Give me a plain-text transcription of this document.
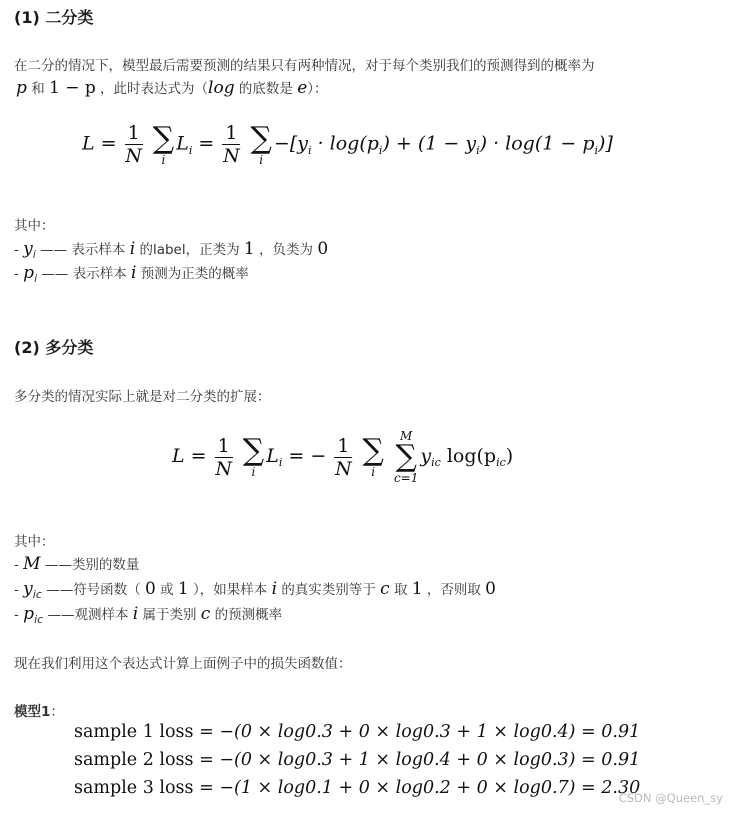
(1) 二分类
在二分的情况下，模型最后需要预测的结果只有两种情况，对于每个类别我们的预测得到的概率为
p 和 1 − p ，此时表达式为（log 的底数是 e）：
$L = \frac{1}{N}$
∑
i
$L_i = \frac{1}{N}$
∑
i
$-[y_i \cdot \log(p_i) + (1 - y_i) \cdot \log(1 - p_i)]$
其中：
- $y_i$ —— 表示样本 i 的label，正类为 1 ，负类为 0
- $p_i$ —— 表示样本 i 预测为正类的概率
(2) 多分类
多分类的情况实际上就是对二分类的扩展：
$L = \frac{1}{N}$
∑
i
$L_i$ = − $\frac{1}{N}$
∑
i

M
∑
c=1
$y_{ic}$ $\log(p_{ic})$
其中：
- M ——类别的数量
- $y_{ic}$ ——符号函数（ 0 或 1 ），如果样本 i 的真实类别等于 c 取 1 ，否则取 0
- $p_{ic}$ ——观测样本 i 属于类别 c 的预测概率
现在我们利用这个表达式计算上面例子中的损失函数值：
模型1：
sample 1 loss = −(0 × log0.3 + 0 × log0.3 + 1 × log0.4) = 0.91
sample 2 loss = −(0 × log0.3 + 1 × log0.4 + 0 × log0.3) = 0.91
sample 3 loss = −(1 × log0.1 + 0 × log0.2 + 0 × log0.7) = 2.30
CSDN @Queen_sy
